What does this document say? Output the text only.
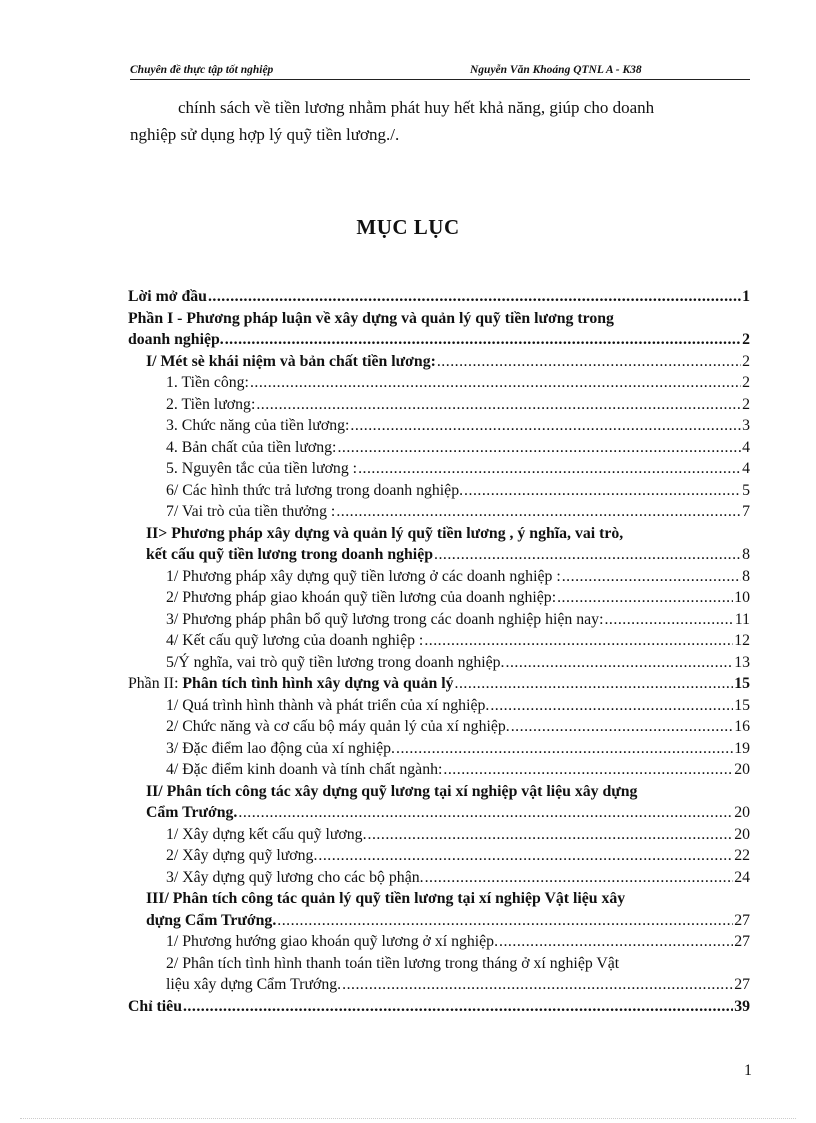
Chuyên đề thực tập tốt nghiệp	Nguyễn Văn Khoáng QTNL A - K38
chính sách về tiền lương nhằm phát huy hết khả năng, giúp cho doanh
nghiệp sử dụng hợp lý quỹ tiền lương./.
MỤC LỤC
Lời mở đầu .....	1
Phần I - Phương pháp luận về xây dựng và quản lý quỹ tiền lương trong
doanh nghiệp. .....	2
I/ Mét sè khái niệm và bản chất tiền lương: .....	2
1. Tiền công: .....	2
2. Tiền lương: .....	2
3. Chức năng của tiền lương: .....	3
4. Bản chất của tiền lương: .....	4
5. Nguyên tắc của tiền lương : .....	4
6/ Các hình thức trả lương trong doanh nghiệp. .....	5
7/ Vai trò của tiền thưởng : .....	7
II> Phương pháp xây dựng và quản lý quỹ tiền lương , ý nghĩa, vai trò,
kết cấu quỹ tiền lương trong doanh nghiệp .....	8
1/ Phương pháp xây dựng quỹ tiền lương ở các doanh nghiệp : .....	8
2/ Phương pháp giao khoán quỹ tiền lương của doanh nghiệp: .....	10
3/ Phương pháp phân bổ quỹ lương trong các doanh nghiệp hiện nay: .....	11
4/ Kết cấu quỹ lương của doanh nghiệp : .....	12
5/Ý nghĩa, vai trò quỹ tiền lương trong doanh nghiệp. .....	13
Phần II:
Phân tích tình hình xây dựng và quản lý .....	15
1/ Quá trình hình thành và phát triển của xí nghiệp. .....	15
2/ Chức năng và cơ cấu bộ máy quản lý của xí nghiệp. .....	16
3/ Đặc điểm lao động của xí nghiệp. .....	19
4/ Đặc điểm kinh doanh và tính chất ngành: .....	20
II/ Phân tích công tác xây dựng quỹ lương tại xí nghiệp vật liệu xây dựng
Cẩm Trướng. .....	20
1/ Xây dựng kết cấu quỹ lương. .....	20
2/ Xây dựng quỹ lương. .....	22
3/ Xây dựng quỹ lương cho các bộ phận. .....	24
III/ Phân tích công tác quản lý quỹ tiền lương tại xí nghiệp Vật liệu xây
dựng Cẩm Trướng. .....	27
1/ Phương hướng giao khoán quỹ lương ở xí nghiệp. .....	27
2/ Phân tích tình hình thanh toán tiền lương trong tháng ở xí nghiệp Vật
liệu xây dựng Cẩm Trướng. .....	27
Chỉ tiêu .....	39
1
